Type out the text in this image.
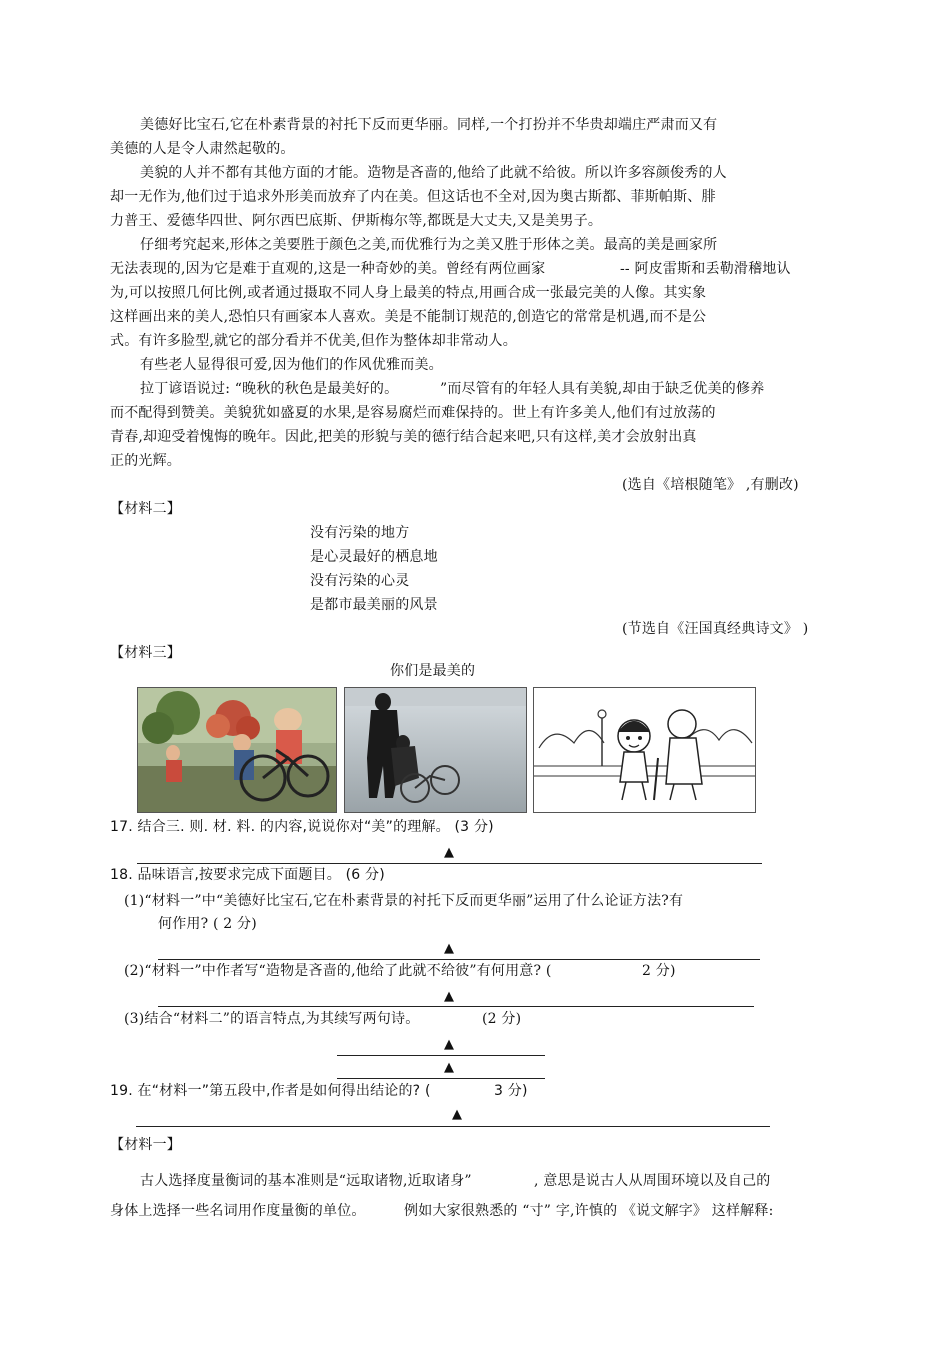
美德好比宝石,它在朴素背景的衬托下反而更华丽。同样,一个打扮并不华贵却端庄严肃而又有
美德的人是令人肃然起敬的。
美貌的人并不都有其他方面的才能。造物是吝啬的,他给了此就不给彼。所以许多容颜俊秀的人
却一无作为,他们过于追求外形美而放弃了内在美。但这话也不全对,因为奥古斯都、菲斯帕斯、腓
力普王、爱德华四世、阿尔西巴底斯、伊斯梅尔等,都既是大丈夫,又是美男子。
仔细考究起来,形体之美要胜于颜色之美,而优雅行为之美又胜于形体之美。最高的美是画家所
无法表现的,因为它是难于直观的,这是一种奇妙的美。曾经有两位画家	-- 阿皮雷斯和丢勒滑稽地认
为,可以按照几何比例,或者通过摄取不同人身上最美的特点,用画合成一张最完美的人像。其实象
这样画出来的美人,恐怕只有画家本人喜欢。美是不能制订规范的,创造它的常常是机遇,而不是公
式。有许多脸型,就它的部分看并不优美,但作为整体却非常动人。
有些老人显得很可爱,因为他们的作风优雅而美。
拉丁谚语说过: “晚秋的秋色是最美好的。	”而尽管有的年轻人具有美貌,却由于缺乏优美的修养
而不配得到赞美。美貌犹如盛夏的水果,是容易腐烂而难保持的。世上有许多美人,他们有过放荡的
青春,却迎受着愧悔的晚年。因此,把美的形貌与美的德行结合起来吧,只有这样,美才会放射出真
正的光辉。
(选自《培根随笔》 ,有删改)
【材料二】
没有污染的地方
是心灵最好的栖息地
没有污染的心灵
是都市最美丽的风景
(节选自《汪国真经典诗文》 )
【材料三】
你们是最美的
17. 结合三. 则. 材. 料. 的内容,说说你对“美”的理解。 (3 分)
▲
18. 品味语言,按要求完成下面题目。 (6 分)
(1)“材料一”中“美德好比宝石,它在朴素背景的衬托下反而更华丽”运用了什么论证方法?有
何作用? ( 2 分)
▲
(2)“材料一”中作者写“造物是吝啬的,他给了此就不给彼”有何用意? (	2 分)
▲
(3)结合“材料二”的语言特点,为其续写两句诗。	(2 分)
▲
▲
19. 在“材料一”第五段中,作者是如何得出结论的? (	3 分)
▲
【材料一】
古人选择度量衡词的基本准则是“远取诸物,近取诸身”	, 意思是说古人从周围环境以及自己的
身体上选择一些名词用作度量衡的单位。	例如大家很熟悉的 “寸” 字,许慎的 《说文解字》 这样解释:
